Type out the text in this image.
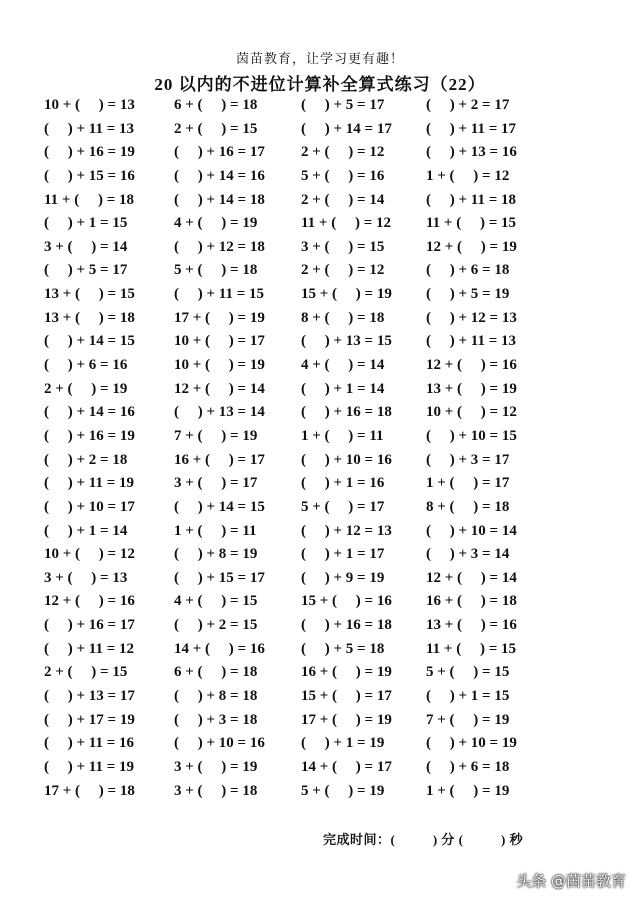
茵苗教育，让学习更有趣！
20 以内的不进位计算补全算式练习（22）
10 + (     ) = 13	6 + (     ) = 18	(     ) + 5 = 17	(     ) + 2 = 17
(     ) + 11 = 13	2 + (     ) = 15	(     ) + 14 = 17 (     ) + 11 = 17
(     ) + 16 = 19	(     ) + 16 = 17 2 + (     ) = 12	(     ) + 13 = 16
(     ) + 15 = 16	(     ) + 14 = 16 5 + (     ) = 16	1 + (     ) = 12
11 + (     ) = 18	(     ) + 14 = 18 2 + (     ) = 14	(     ) + 11 = 18
(     ) + 1 = 15	4 + (     ) = 19	11 + (     ) = 12 11 + (     ) = 15
3 + (     ) = 14	(     ) + 12 = 18 3 + (     ) = 15	12 + (     ) = 19
(     ) + 5 = 17	5 + (     ) = 18	2 + (     ) = 12	(     ) + 6 = 18
13 + (     ) = 15	(     ) + 11 = 15 15 + (     ) = 19 (     ) + 5 = 19
13 + (     ) = 18	17 + (     ) = 19 8 + (     ) = 18	(     ) + 12 = 13
(     ) + 14 = 15	10 + (     ) = 17 (     ) + 13 = 15 (     ) + 11 = 13
(     ) + 6 = 16	10 + (     ) = 19 4 + (     ) = 14	12 + (     ) = 16
2 + (     ) = 19	12 + (     ) = 14 (     ) + 1 = 14	13 + (     ) = 19
(     ) + 14 = 16	(     ) + 13 = 14 (     ) + 16 = 18 10 + (     ) = 12
(     ) + 16 = 19	7 + (     ) = 19	1 + (     ) = 11	(     ) + 10 = 15
(     ) + 2 = 18	16 + (     ) = 17 (     ) + 10 = 16 (     ) + 3 = 17
(     ) + 11 = 19	3 + (     ) = 17	(     ) + 1 = 16	1 + (     ) = 17
(     ) + 10 = 17	(     ) + 14 = 15 5 + (     ) = 17	8 + (     ) = 18
(     ) + 1 = 14	1 + (     ) = 11	(     ) + 12 = 13 (     ) + 10 = 14
10 + (     ) = 12	(     ) + 8 = 19	(     ) + 1 = 17	(     ) + 3 = 14
3 + (     ) = 13	(     ) + 15 = 17 (     ) + 9 = 19	12 + (     ) = 14
12 + (     ) = 16	4 + (     ) = 15	15 + (     ) = 16 16 + (     ) = 18
(     ) + 16 = 17	(     ) + 2 = 15	(     ) + 16 = 18 13 + (     ) = 16
(     ) + 11 = 12	14 + (     ) = 16 (     ) + 5 = 18	11 + (     ) = 15
2 + (     ) = 15	6 + (     ) = 18	16 + (     ) = 19 5 + (     ) = 15
(     ) + 13 = 17	(     ) + 8 = 18	15 + (     ) = 17 (     ) + 1 = 15
(     ) + 17 = 19	(     ) + 3 = 18	17 + (     ) = 19 7 + (     ) = 19
(     ) + 11 = 16	(     ) + 10 = 16 (     ) + 1 = 19	(     ) + 10 = 19
(     ) + 11 = 19	3 + (     ) = 19	14 + (     ) = 17 (     ) + 6 = 18
17 + (     ) = 18	3 + (     ) = 18	5 + (     ) = 19	1 + (     ) = 19
完成时间：(          ) 分 (          ) 秒
头条 @茵苗教育
